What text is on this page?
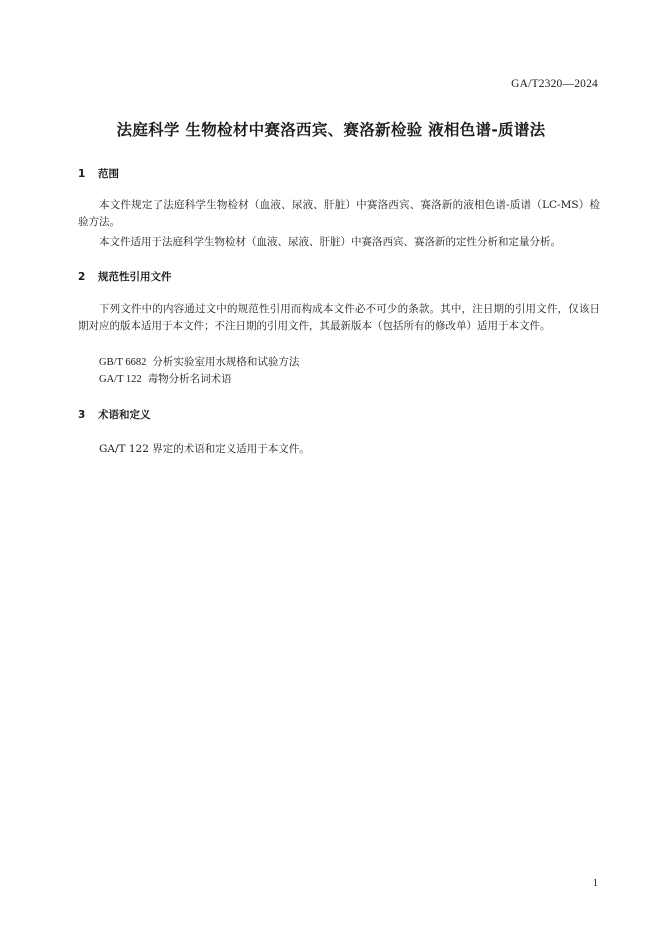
GA/T2320—2024
法庭科学 生物检材中赛洛西宾、赛洛新检验 液相色谱-质谱法
1 范围
本文件规定了法庭科学生物检材（血液、尿液、肝脏）中赛洛西宾、赛洛新的液相色谱-质谱（LC-MS）检验方法。
本文件适用于法庭科学生物检材（血液、尿液、肝脏）中赛洛西宾、赛洛新的定性分析和定量分析。
2 规范性引用文件
下列文件中的内容通过文中的规范性引用而构成本文件必不可少的条款。其中，注日期的引用文件，仅该日期对应的版本适用于本文件；不注日期的引用文件，其最新版本（包括所有的修改单）适用于本文件。
GB/T 6682 分析实验室用水规格和试验方法
GA/T 122 毒物分析名词术语
3 术语和定义
GA/T 122 界定的术语和定义适用于本文件。
1
